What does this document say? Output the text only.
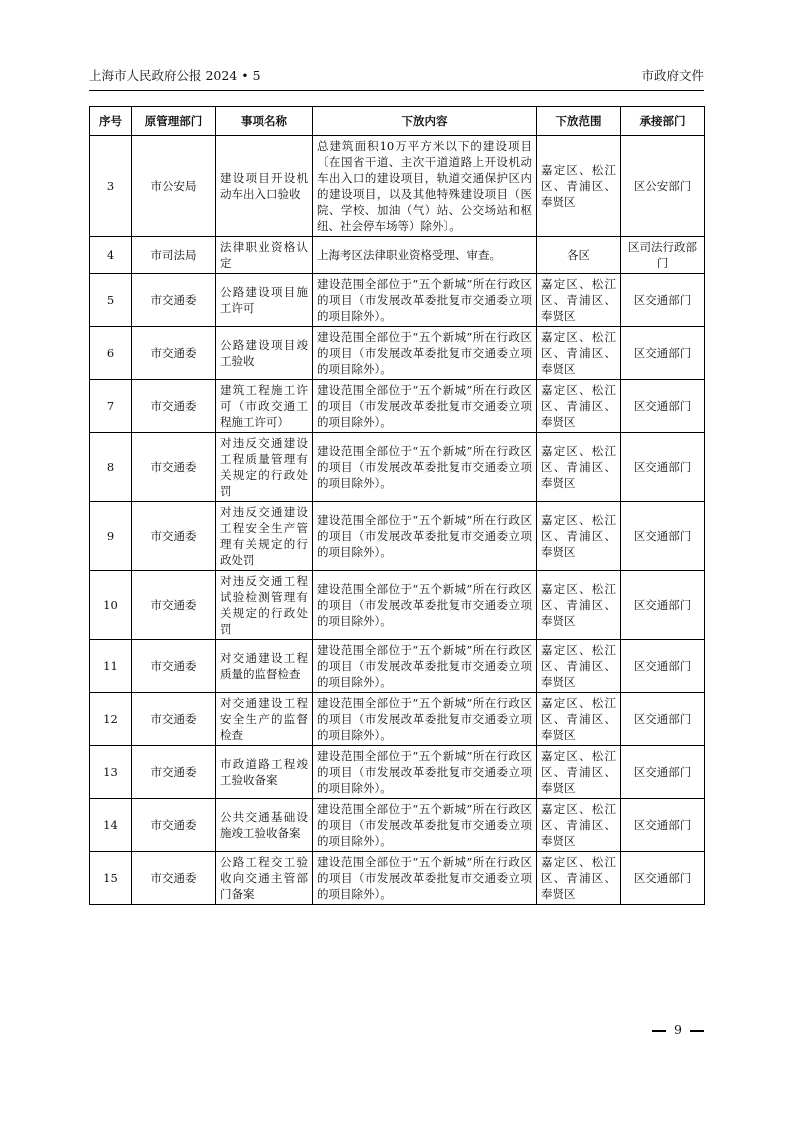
上海市人民政府公报 2024 • 5	市政府文件
序号	原管理部门	事项名称	下放内容	下放范围	承接部门
3	市公安局	建设项目开设机动车出入口验收	总建筑面积10万平方米以下的建设项目〔在国省干道、主次干道道路上开设机动车出入口的建设项目，轨道交通保护区内的建设项目，以及其他特殊建设项目（医院、学校、加油（气）站、公交场站和枢纽、社会停车场等）除外〕。	嘉定区、松江区、青浦区、奉贤区	区公安部门
4	市司法局	法律职业资格认定	上海考区法律职业资格受理、审查。	各区	区司法行政部门
5	市交通委	公路建设项目施工许可	建设范围全部位于“五个新城”所在行政区的项目（市发展改革委批复市交通委立项的项目除外）。	嘉定区、松江区、青浦区、奉贤区	区交通部门
6	市交通委	公路建设项目竣工验收	建设范围全部位于“五个新城”所在行政区的项目（市发展改革委批复市交通委立项的项目除外）。	嘉定区、松江区、青浦区、奉贤区	区交通部门
7	市交通委	建筑工程施工许可（市政交通工程施工许可）	建设范围全部位于“五个新城”所在行政区的项目（市发展改革委批复市交通委立项的项目除外）。	嘉定区、松江区、青浦区、奉贤区	区交通部门
8	市交通委	对违反交通建设工程质量管理有关规定的行政处罚	建设范围全部位于“五个新城”所在行政区的项目（市发展改革委批复市交通委立项的项目除外）。	嘉定区、松江区、青浦区、奉贤区	区交通部门
9	市交通委	对违反交通建设工程安全生产管理有关规定的行政处罚	建设范围全部位于“五个新城”所在行政区的项目（市发展改革委批复市交通委立项的项目除外）。	嘉定区、松江区、青浦区、奉贤区	区交通部门
10	市交通委	对违反交通工程试验检测管理有关规定的行政处罚	建设范围全部位于“五个新城”所在行政区的项目（市发展改革委批复市交通委立项的项目除外）。	嘉定区、松江区、青浦区、奉贤区	区交通部门
11	市交通委	对交通建设工程质量的监督检查	建设范围全部位于“五个新城”所在行政区的项目（市发展改革委批复市交通委立项的项目除外）。	嘉定区、松江区、青浦区、奉贤区	区交通部门
12	市交通委	对交通建设工程安全生产的监督检查	建设范围全部位于“五个新城”所在行政区的项目（市发展改革委批复市交通委立项的项目除外）。	嘉定区、松江区、青浦区、奉贤区	区交通部门
13	市交通委	市政道路工程竣工验收备案	建设范围全部位于“五个新城”所在行政区的项目（市发展改革委批复市交通委立项的项目除外）。	嘉定区、松江区、青浦区、奉贤区	区交通部门
14	市交通委	公共交通基础设施竣工验收备案	建设范围全部位于“五个新城”所在行政区的项目（市发展改革委批复市交通委立项的项目除外）。	嘉定区、松江区、青浦区、奉贤区	区交通部门
15	市交通委	公路工程交工验收向交通主管部门备案	建设范围全部位于“五个新城”所在行政区的项目（市发展改革委批复市交通委立项的项目除外）。	嘉定区、松江区、青浦区、奉贤区	区交通部门
9
